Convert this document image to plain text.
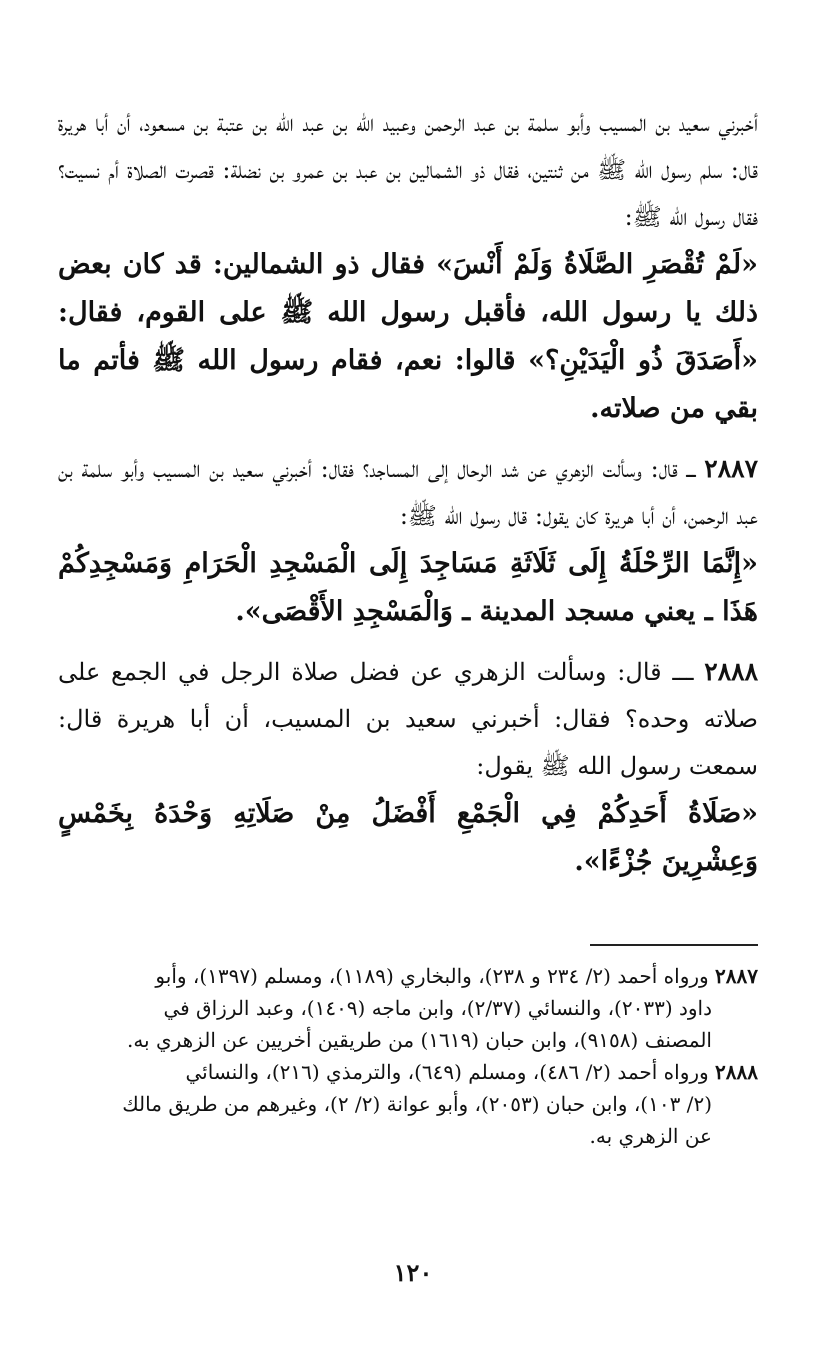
أخبرني سعيد بن المسيب وأبو سلمة بن عبد الرحمن وعبيد الله بن عبد الله بن عتبة بن مسعود، أن أبا هريرة قال: سلم رسول الله ﷺ من ثنتين، فقال ذو الشمالين بن عبد بن عمرو بن نضلة: قصرت الصلاة أم نسيت؟ فقال رسول الله ﷺ:

«لَمْ تُقْصَرِ الصَّلَاةُ وَلَمْ أَنْسَ» فقال ذو الشمالين: قد كان بعض ذلك يا رسول الله، فأقبل رسول الله ﷺ على القوم، فقال: «أَصَدَقَ ذُو الْيَدَيْنِ؟» قالوا: نعم، فقام رسول الله ﷺ فأتم ما بقي من صلاته.

٢٨٨٧ ـــ قال: وسألت الزهري عن شد الرحال إلى المساجد؟ فقال: أخبرني سعيد بن المسيب وأبو سلمة بن عبد الرحمن، أن أبا هريرة كان يقول: قال رسول الله ﷺ:

«إِنَّمَا الرِّحْلَةُ إِلَى ثَلَاثَةِ مَسَاجِدَ إِلَى الْمَسْجِدِ الْحَرَامِ وَمَسْجِدِكُمْ هَذَا ـ يعني مسجد المدينة ـ وَالْمَسْجِدِ الأَقْصَى».

٢٨٨٨ ـــ قال: وسألت الزهري عن فضل صلاة الرجل في الجمع على صلاته وحده؟ فقال: أخبرني سعيد بن المسيب، أن أبا هريرة قال: سمعت رسول الله ﷺ يقول:

«صَلَاةُ أَحَدِكُمْ فِي الْجَمْعِ أَفْضَلُ مِنْ صَلَاتِهِ وَحْدَهُ بِخَمْسٍ وَعِشْرِينَ جُزْءًا».

٢٨٨٧ ورواه أحمد (٢/ ٢٣٤ و ٢٣٨)، والبخاري (١١٨٩)، ومسلم (١٣٩٧)، وأبو
داود (٢٠٣٣)، والنسائي (٢/٣٧)، وابن ماجه (١٤٠٩)، وعبد الرزاق في
المصنف (٩١٥٨)، وابن حبان (١٦١٩) من طريقين أخريين عن الزهري به.

٢٨٨٨ ورواه أحمد (٢/ ٤٨٦)، ومسلم (٦٤٩)، والترمذي (٢١٦)، والنسائي
(٢/ ١٠٣)، وابن حبان (٢٠٥٣)، وأبو عوانة (٢/ ٢)، وغيرهم من طريق مالك
عن الزهري به.

١٢٠
